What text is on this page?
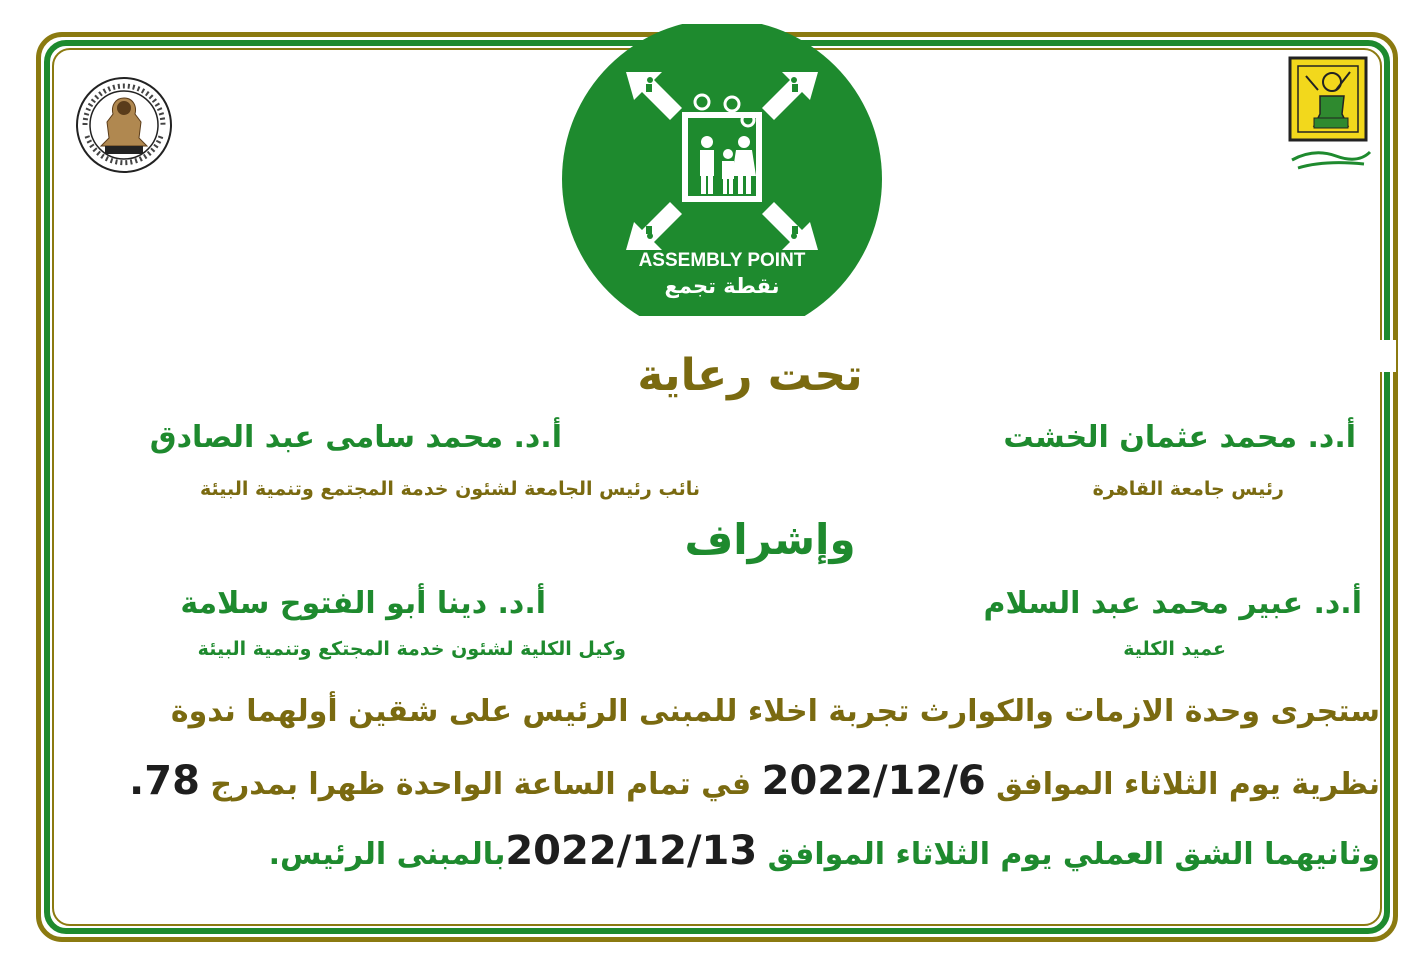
ASSEMBLY POINT
نقطة تجمع
تحت رعاية
أ.د. محمد عثمان الخشت
رئيس جامعة القاهرة
أ.د. محمد سامى عبد الصادق
نائب رئيس الجامعة لشئون خدمة المجتمع وتنمية البيئة
وإشراف
أ.د. عبير محمد عبد السلام
عميد الكلية
أ.د. دينا أبو الفتوح سلامة
وكيل الكلية لشئون خدمة المجتكع وتنمية البيئة
ستجرى وحدة الازمات والكوارث تجربة اخلاء للمبنى الرئيس على شقين أولهما ندوة
نظرية يوم الثلاثاء الموافق 2022/12/6 في تمام الساعة الواحدة ظهرا بمدرج 78.
وثانيهما الشق العملي يوم الثلاثاء الموافق 2022/12/13بالمبنى الرئيس.
